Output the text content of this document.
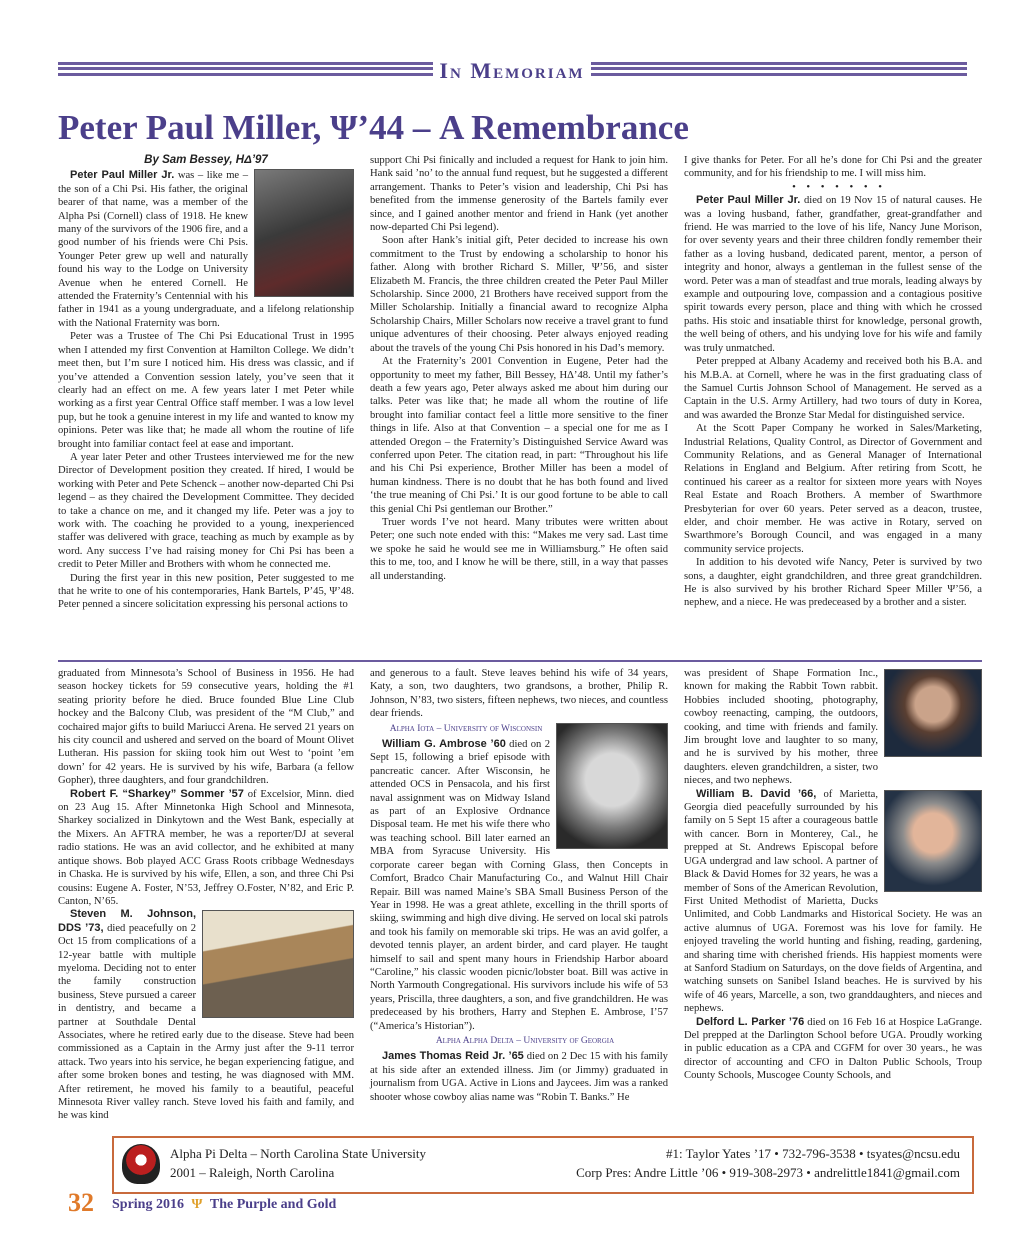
In Memoriam
Peter Paul Miller, Ψ’44 – A Remembrance
By Sam Bessey, HΔ’97

Peter Paul Miller Jr. was – like me – the son of a Chi Psi. His father, the original bearer of that name, was a member of the Alpha Psi (Cornell) class of 1918. He knew many of the survivors of the 1906 fire, and a good number of his friends were Chi Psis. Younger Peter grew up well and naturally found his way to the Lodge on University Avenue when he entered Cornell. He attended the Fraternity’s Centennial with his father in 1941 as a young undergraduate, and a lifelong relationship with the National Fraternity was born.

Peter was a Trustee of The Chi Psi Educational Trust in 1995 when I attended my first Convention at Hamilton College. We didn’t meet then, but I’m sure I noticed him. His dress was classic, and if you’ve attended a Convention session lately, you’ve seen that it clearly had an effect on me. A few years later I met Peter while working as a first year Central Office staff member. I was a low level pup, but he took a genuine interest in my life and wanted to know my opinions. Peter was like that; he made all whom the routine of life brought into familiar contact feel at ease and important.

A year later Peter and other Trustees interviewed me for the new Director of Development position they created. If hired, I would be working with Peter and Pete Schenck – another now-departed Chi Psi legend – as they chaired the Development Committee. They decided to take a chance on me, and it changed my life. Peter was a joy to work with. The coaching he provided to a young, inexperienced staffer was delivered with grace, teaching as much by example as by word. Any success I’ve had raising money for Chi Psi has been a credit to Peter Miller and Brothers with whom he connected me.

During the first year in this new position, Peter suggested to me that he write to one of his contemporaries, Hank Bartels, P’45, Ψ’48. Peter penned a sincere solicitation expressing his personal actions to

support Chi Psi finically and included a request for Hank to join him. Hank said ’no’ to the annual fund request, but he suggested a different arrangement. Thanks to Peter’s vision and leadership, Chi Psi has benefited from the immense generosity of the Bartels family ever since, and I gained another mentor and friend in Hank (yet another now-departed Chi Psi legend).

Soon after Hank’s initial gift, Peter decided to increase his own commitment to the Trust by endowing a scholarship to honor his father. Along with brother Richard S. Miller, Ψ’56, and sister Elizabeth M. Francis, the three children created the Peter Paul Miller Scholarship. Since 2000, 21 Brothers have received support from the Miller Scholarship. Initially a financial award to recognize Alpha Scholarship Chairs, Miller Scholars now receive a travel grant to fund unique adventures of their choosing. Peter always enjoyed reading about the travels of the young Chi Psis honored in his Dad’s memory.

At the Fraternity’s 2001 Convention in Eugene, Peter had the opportunity to meet my father, Bill Bessey, HΔ’48. Until my father’s death a few years ago, Peter always asked me about him during our talks. Peter was like that; he made all whom the routine of life brought into familiar contact feel a little more sensitive to the finer things in life. Also at that Convention – a special one for me as I attended Oregon – the Fraternity’s Distinguished Service Award was conferred upon Peter. The citation read, in part: “Throughout his life and his Chi Psi experience, Brother Miller has been a model of human kindness. There is no doubt that he has both found and lived ‘the true meaning of Chi Psi.’ It is our good fortune to be able to call this genial Chi Psi gentleman our Brother.”

Truer words I’ve not heard. Many tributes were written about Peter; one such note ended with this: “Makes me very sad. Last time we spoke he said he would see me in Williamsburg.” He often said this to me, too, and I know he will be there, still, in a way that passes all understanding.

I give thanks for Peter. For all he’s done for Chi Psi and the greater community, and for his friendship to me. I will miss him.

• • • • • • •

Peter Paul Miller Jr. died on 19 Nov 15 of natural causes. He was a loving husband, father, grandfather, great-grandfather and friend. He was married to the love of his life, Nancy June Morison, for over seventy years and their three children fondly remember their father as a loving husband, dedicated parent, mentor, a person of integrity and honor, always a gentleman in the fullest sense of the word. Peter was a man of steadfast and true morals, leading always by example and outpouring love, compassion and a contagious positive spirit towards every person, place and thing with which he crossed paths. His stoic and insatiable thirst for knowledge, personal growth, the well being of others, and his undying love for his wife and family was truly unmatched.

Peter prepped at Albany Academy and received both his B.A. and his M.B.A. at Cornell, where he was in the first graduating class of the Samuel Curtis Johnson School of Management. He served as a Captain in the U.S. Army Artillery, had two tours of duty in Korea, and was awarded the Bronze Star Medal for distinguished service.

At the Scott Paper Company he worked in Sales/Marketing, Industrial Relations, Quality Control, as Director of Government and Community Relations, and as General Manager of International Relations in England and Belgium. After retiring from Scott, he continued his career as a realtor for sixteen more years with Noyes Real Estate and Roach Brothers. A member of Swarthmore Presbyterian for over 60 years. Peter served as a deacon, trustee, elder, and choir member. He was active in Rotary, served on Swarthmore’s Borough Council, and was engaged in a many community service projects.

In addition to his devoted wife Nancy, Peter is survived by two sons, a daughter, eight grandchildren, and three great grandchildren. He is also survived by his brother Richard Speer Miller Ψ’56, a nephew, and a niece. He was predeceased by a brother and a sister.

graduated from Minnesota’s School of Business in 1956. He had season hockey tickets for 59 consecutive years, holding the #1 seating priority before he died. Bruce founded Blue Line Club hockey and the Balcony Club, was president of the “M Club,” and cochaired major gifts to build Mariucci Arena. He served 21 years on his city council and ushered and served on the board of Mount Olivet Lutheran. His passion for skiing took him out West to ‘point ’em down’ for 42 years. He is survived by his wife, Barbara (a fellow Gopher), three daughters, and four grandchildren.

Robert F. “Sharkey” Sommer ’57 of Excelsior, Minn. died on 23 Aug 15. After Minnetonka High School and Minnesota, Sharkey socialized in Dinkytown and the West Bank, especially at the Mixers. An AFTRA member, he was a reporter/DJ at several radio stations. He was an avid collector, and he exhibited at many antique shows. Bob played ACC Grass Roots cribbage Wednesdays in Chaska. He is survived by his wife, Ellen, a son, and three Chi Psi cousins: Eugene A. Foster, N’53, Jeffrey O.Foster, N’82, and Eric P. Canton, N’65.

Steven M. Johnson, DDS ’73, died peacefully on 2 Oct 15 from complications of a 12-year battle with multiple myeloma. Deciding not to enter the family construction business, Steve pursued a career in dentistry, and became a partner at Southdale Dental Associates, where he retired early due to the disease. Steve had been commissioned as a Captain in the Army just after the 9-11 terror attack. Two years into his service, he began experiencing fatigue, and after some broken bones and testing, he was diagnosed with MM. After retirement, he moved his family to a beautiful, peaceful Minnesota River valley ranch. Steve loved his faith and family, and he was kind

and generous to a fault. Steve leaves behind his wife of 34 years, Katy, a son, two daughters, two grandsons, a brother, Philip R. Johnson, N’83, two sisters, fifteen nephews, two nieces, and countless dear friends.

Alpha Iota – University of Wisconsin

William G. Ambrose ’60 died on 2 Sept 15, following a brief episode with pancreatic cancer. After Wisconsin, he attended OCS in Pensacola, and his first naval assignment was on Midway Island as part of an Explosive Ordnance Disposal team. He met his wife there who was teaching school. Bill later earned an MBA from Syracuse University. His corporate career began with Corning Glass, then Concepts in Comfort, Bradco Chair Manufacturing Co., and Walnut Hill Chair Repair. Bill was named Maine’s SBA Small Business Person of the Year in 1998. He was a great athlete, excelling in the thrill sports of skiing, swimming and high dive diving. He served on local ski patrols and took his family on memorable ski trips. He was an avid golfer, a devoted tennis player, an ardent birder, and card player. He taught himself to sail and spent many hours in Friendship Harbor aboard “Caroline,” his classic wooden picnic/lobster boat. Bill was active in North Yarmouth Congregational. His survivors include his wife of 53 years, Priscilla, three daughters, a son, and five grandchildren. He was predeceased by his brothers, Harry and Stephen E. Ambrose, I’57 (“America’s Historian”).

Alpha Alpha Delta – University of Georgia

James Thomas Reid Jr. ’65 died on 2 Dec 15 with his family at his side after an extended illness. Jim (or Jimmy) graduated in journalism from UGA. Active in Lions and Jaycees. Jim was a ranked shooter whose cowboy alias name was “Robin T. Banks.” He

was president of Shape Formation Inc., known for making the Rabbit Town rabbit. Hobbies included shooting, photography, cowboy reenacting, camping, the outdoors, cooking, and time with friends and family. Jim brought love and laughter to so many, and he is survived by his mother, three daughters. eleven grandchildren, a sister, two nieces, and two nephews.

William B. David ’66, of Marietta, Georgia died peacefully surrounded by his family on 5 Sept 15 after a courageous battle with cancer. Born in Monterey, Cal., he prepped at St. Andrews Episcopal before UGA undergrad and law school. A partner of Black & David Homes for 32 years, he was a member of Sons of the American Revolution, First United Methodist of Marietta, Ducks Unlimited, and Cobb Landmarks and Historical Society. He was an active alumnus of UGA. Foremost was his love for family. He enjoyed traveling the world hunting and fishing, reading, gardening, and sharing time with cherished friends. His happiest moments were at Sanford Stadium on Saturdays, on the dove fields of Argentina, and watching sunsets on Sanibel Island beaches. He is survived by his wife of 46 years, Marcelle, a son, two granddaughters, and nieces and nephews.

Delford L. Parker ’76 died on 16 Feb 16 at Hospice LaGrange. Del prepped at the Darlington School before UGA. Proudly working in public education as a CPA and CGFM for over 30 years., he was director of accounting and CFO in Dalton Public Schools, Troup County Schools, Muscogee County Schools, and

Alpha Pi Delta – North Carolina State University
2001 – Raleigh, North Carolina
#1: Taylor Yates ’17 • 732-796-3538 • tsyates@ncsu.edu
Corp Pres: Andre Little ’06 • 919-308-2973 • andrelittle1841@gmail.com
32 Spring 2016 Ψ The Purple and Gold
